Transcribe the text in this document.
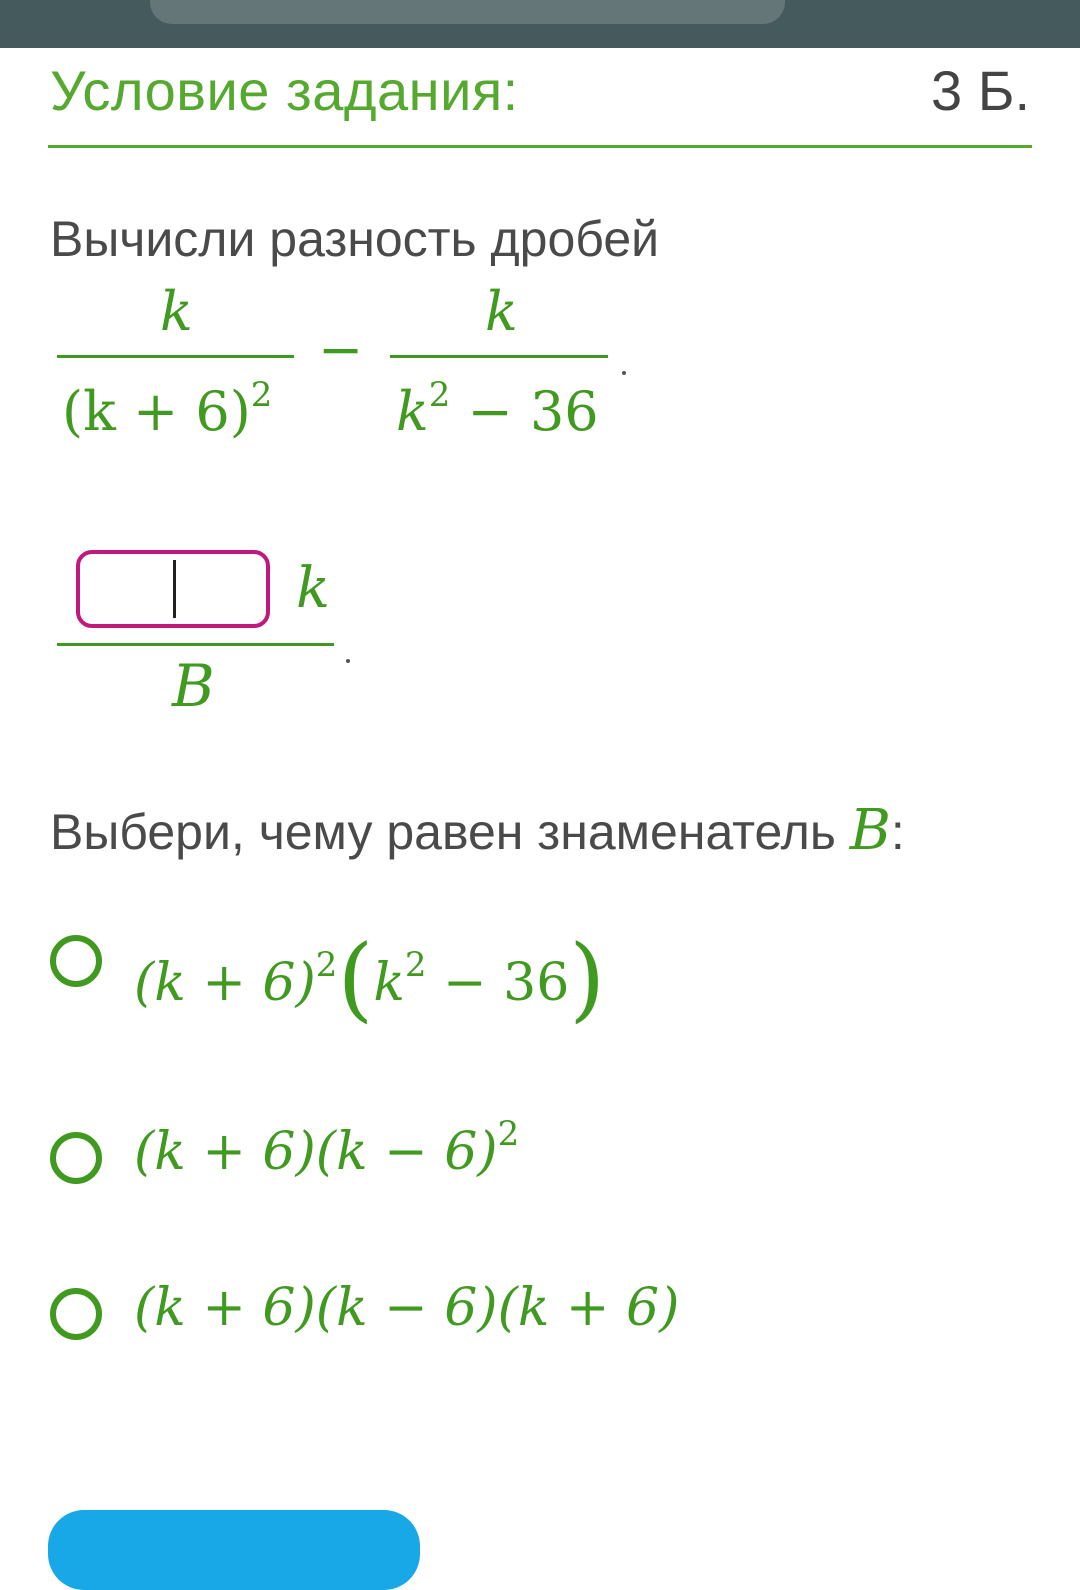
Условие задания:	3 Б.
Вычисли разность дробей
k
$(k + 6)^2$
−
k
$k^2 - 36$
k
B
Выбери, чему равен знаменатель B:
$(k + 6)^2(k^2 - 36)$
$(k + 6)(k - 6)^2$
(k + 6)(k − 6)(k + 6)
